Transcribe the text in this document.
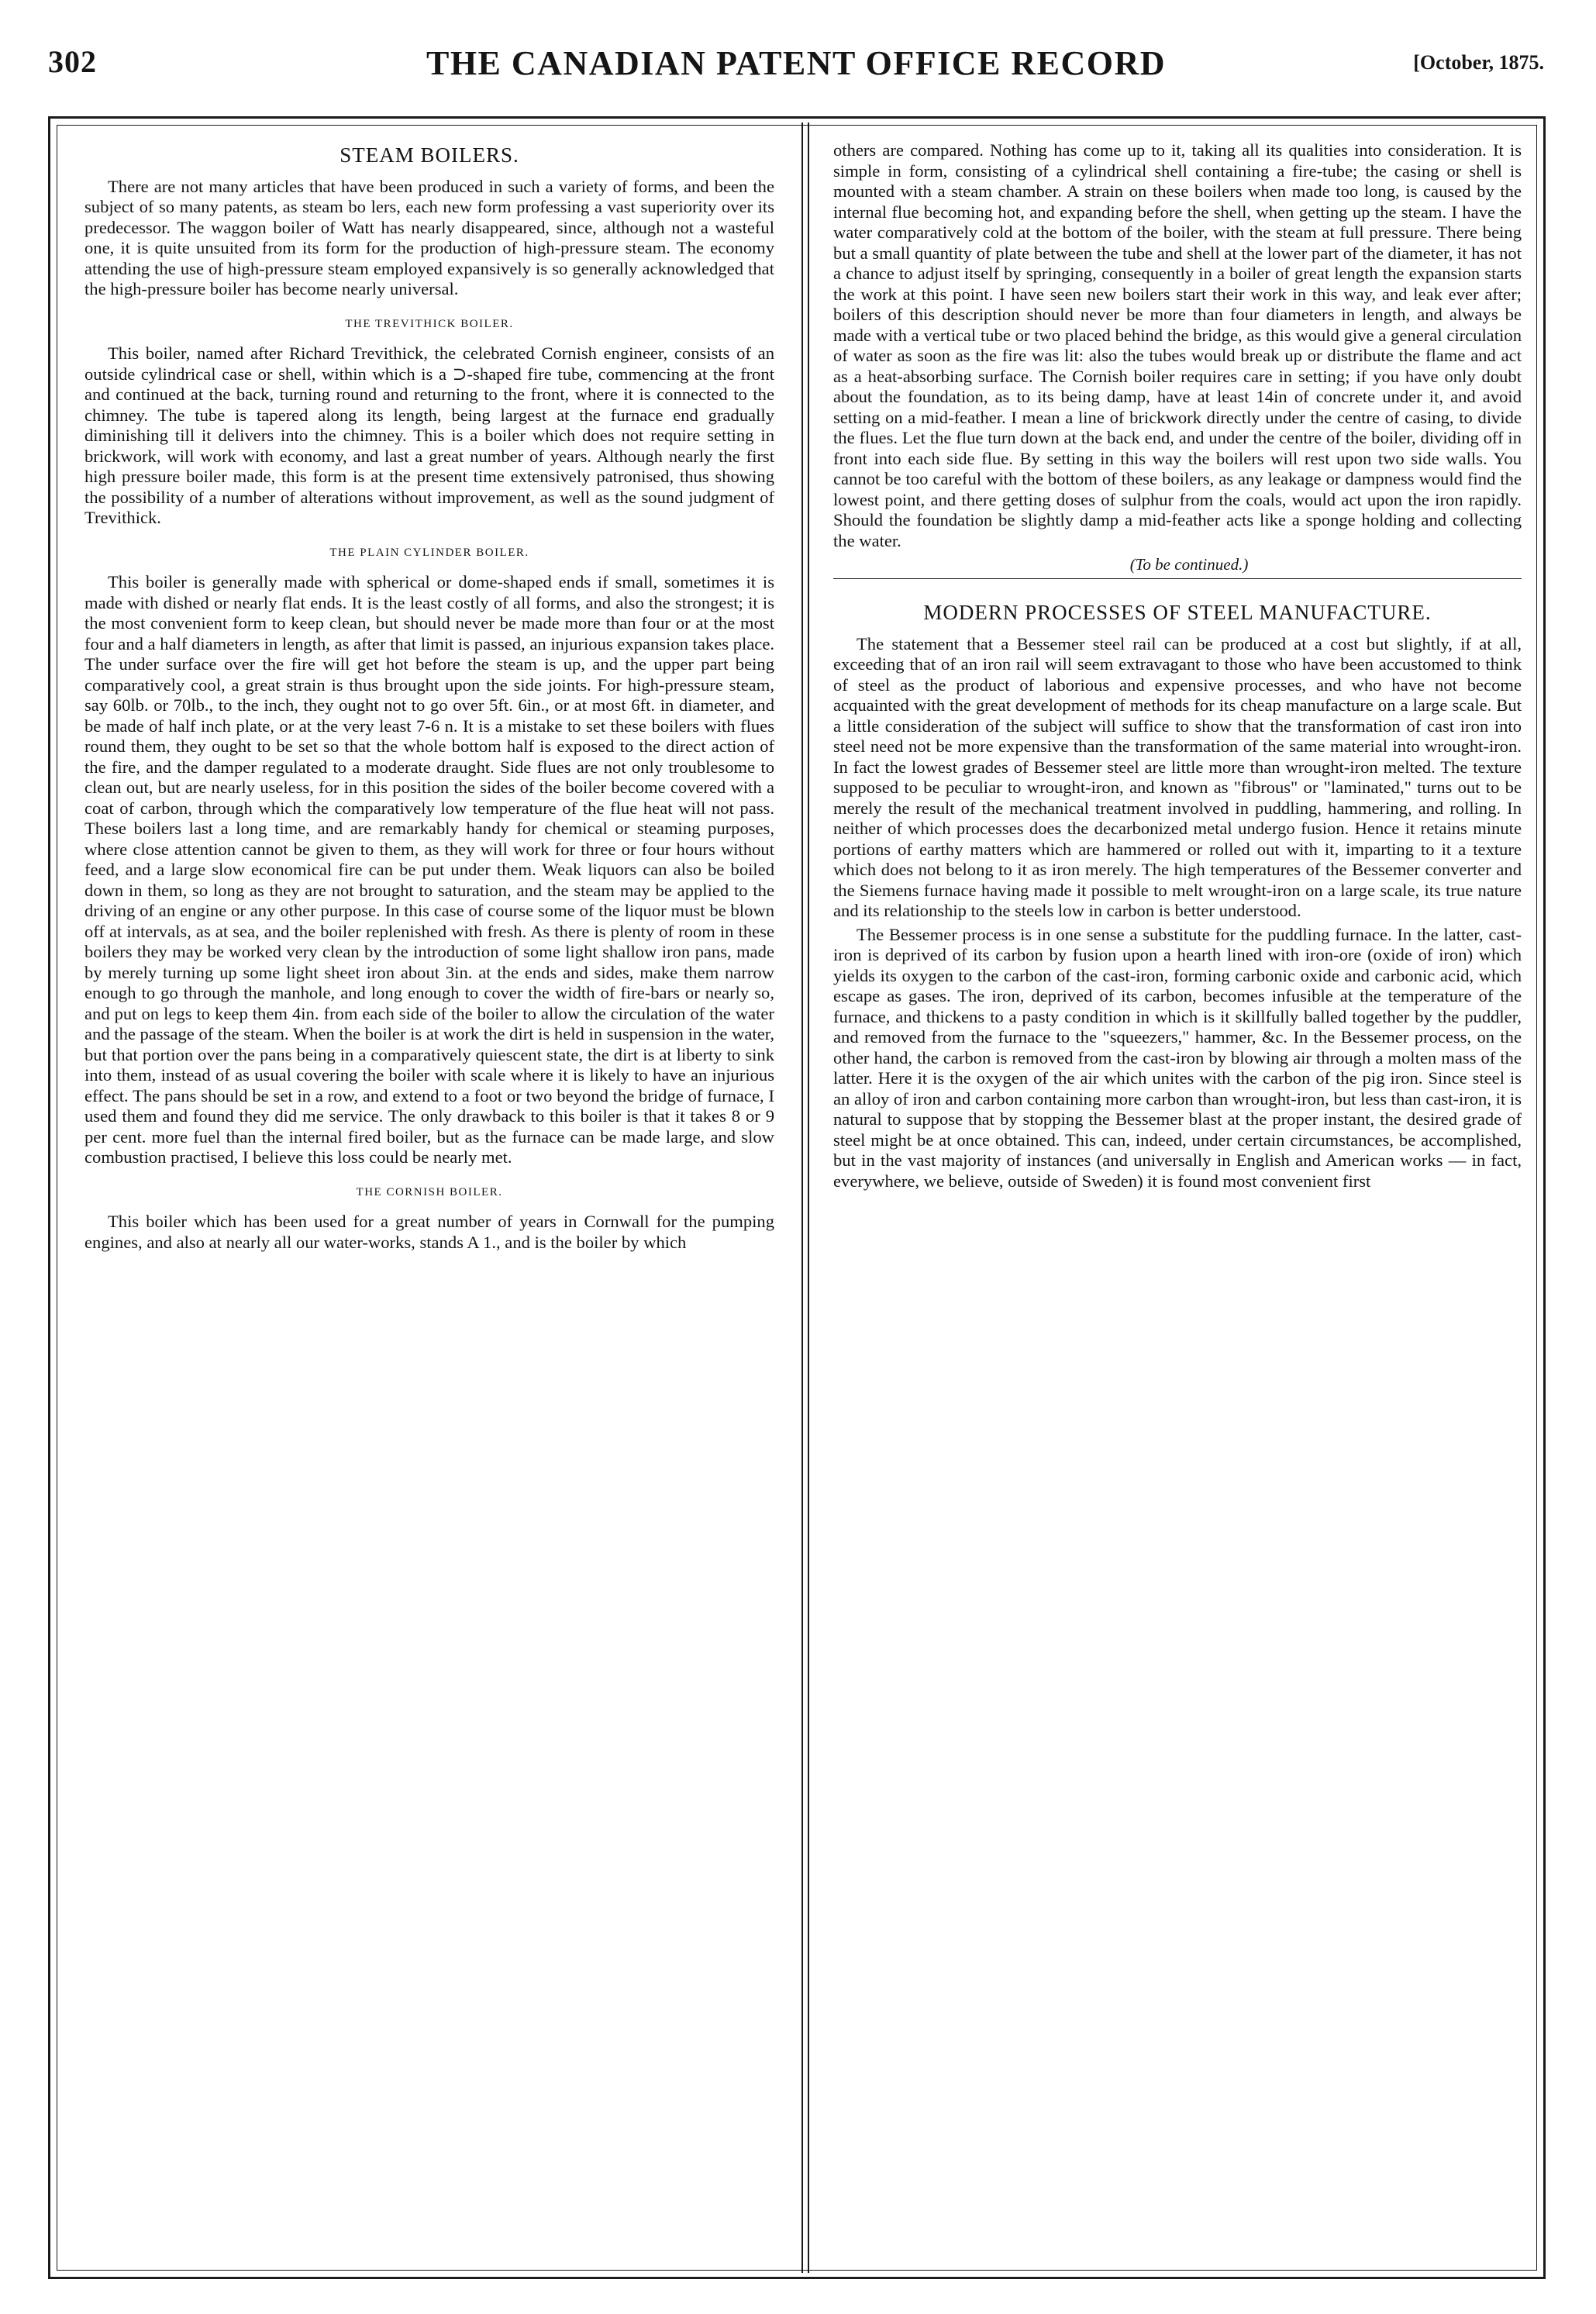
302	THE CANADIAN PATENT OFFICE RECORD	[October, 1875.
STEAM BOILERS.

There are not many articles that have been produced in such a variety of forms, and been the subject of so many patents, as steam bo lers, each new form professing a vast superiority over its predecessor. The waggon boiler of Watt has nearly disappeared, since, although not a wasteful one, it is quite unsuited from its form for the production of high-pressure steam. The economy attending the use of high-pressure steam employed expansively is so generally acknowledged that the high-pressure boiler has become nearly universal.

THE TREVITHICK BOILER.

This boiler, named after Richard Trevithick, the celebrated Cornish engineer, consists of an outside cylindrical case or shell, within which is a ⊃-shaped fire tube, commencing at the front and continued at the back, turning round and returning to the front, where it is connected to the chimney. The tube is tapered along its length, being largest at the furnace end gradually diminishing till it delivers into the chimney. This is a boiler which does not require setting in brickwork, will work with economy, and last a great number of years. Although nearly the first high pressure boiler made, this form is at the present time extensively patronised, thus showing the possibility of a number of alterations without improvement, as well as the sound judgment of Trevithick.

THE PLAIN CYLINDER BOILER.

This boiler is generally made with spherical or dome-shaped ends if small, sometimes it is made with dished or nearly flat ends. It is the least costly of all forms, and also the strongest; it is the most convenient form to keep clean, but should never be made more than four or at the most four and a half diameters in length, as after that limit is passed, an injurious expansion takes place. The under surface over the fire will get hot before the steam is up, and the upper part being comparatively cool, a great strain is thus brought upon the side joints. For high-pressure steam, say 60lb. or 70lb., to the inch, they ought not to go over 5ft. 6in., or at most 6ft. in diameter, and be made of half inch plate, or at the very least 7-6 n. It is a mistake to set these boilers with flues round them, they ought to be set so that the whole bottom half is exposed to the direct action of the fire, and the damper regulated to a moderate draught. Side flues are not only troublesome to clean out, but are nearly useless, for in this position the sides of the boiler become covered with a coat of carbon, through which the comparatively low temperature of the flue heat will not pass. These boilers last a long time, and are remarkably handy for chemical or steaming purposes, where close attention cannot be given to them, as they will work for three or four hours without feed, and a large slow economical fire can be put under them. Weak liquors can also be boiled down in them, so long as they are not brought to saturation, and the steam may be applied to the driving of an engine or any other purpose. In this case of course some of the liquor must be blown off at intervals, as at sea, and the boiler replenished with fresh. As there is plenty of room in these boilers they may be worked very clean by the introduction of some light shallow iron pans, made by merely turning up some light sheet iron about 3in. at the ends and sides, make them narrow enough to go through the manhole, and long enough to cover the width of fire-bars or nearly so, and put on legs to keep them 4in. from each side of the boiler to allow the circulation of the water and the passage of the steam. When the boiler is at work the dirt is held in suspension in the water, but that portion over the pans being in a comparatively quiescent state, the dirt is at liberty to sink into them, instead of as usual covering the boiler with scale where it is likely to have an injurious effect. The pans should be set in a row, and extend to a foot or two beyond the bridge of furnace, I used them and found they did me service. The only drawback to this boiler is that it takes 8 or 9 per cent. more fuel than the internal fired boiler, but as the furnace can be made large, and slow combustion practised, I believe this loss could be nearly met.

THE CORNISH BOILER.

This boiler which has been used for a great number of years in Cornwall for the pumping engines, and also at nearly all our water-works, stands A 1., and is the boiler by which

others are compared. Nothing has come up to it, taking all its qualities into consideration. It is simple in form, consisting of a cylindrical shell containing a fire-tube; the casing or shell is mounted with a steam chamber. A strain on these boilers when made too long, is caused by the internal flue becoming hot, and expanding before the shell, when getting up the steam. I have the water comparatively cold at the bottom of the boiler, with the steam at full pressure. There being but a small quantity of plate between the tube and shell at the lower part of the diameter, it has not a chance to adjust itself by springing, consequently in a boiler of great length the expansion starts the work at this point. I have seen new boilers start their work in this way, and leak ever after; boilers of this description should never be more than four diameters in length, and always be made with a vertical tube or two placed behind the bridge, as this would give a general circulation of water as soon as the fire was lit: also the tubes would break up or distribute the flame and act as a heat-absorbing surface. The Cornish boiler requires care in setting; if you have only doubt about the foundation, as to its being damp, have at least 14in of concrete under it, and avoid setting on a mid-feather. I mean a line of brickwork directly under the centre of casing, to divide the flues. Let the flue turn down at the back end, and under the centre of the boiler, dividing off in front into each side flue. By setting in this way the boilers will rest upon two side walls. You cannot be too careful with the bottom of these boilers, as any leakage or dampness would find the lowest point, and there getting doses of sulphur from the coals, would act upon the iron rapidly. Should the foundation be slightly damp a mid-feather acts like a sponge holding and collecting the water.

(To be continued.)

MODERN PROCESSES OF STEEL MANUFACTURE.

The statement that a Bessemer steel rail can be produced at a cost but slightly, if at all, exceeding that of an iron rail will seem extravagant to those who have been accustomed to think of steel as the product of laborious and expensive processes, and who have not become acquainted with the great development of methods for its cheap manufacture on a large scale. But a little consideration of the subject will suffice to show that the transformation of cast iron into steel need not be more expensive than the transformation of the same material into wrought-iron. In fact the lowest grades of Bessemer steel are little more than wrought-iron melted. The texture supposed to be peculiar to wrought-iron, and known as "fibrous" or "laminated," turns out to be merely the result of the mechanical treatment involved in puddling, hammering, and rolling. In neither of which processes does the decarbonized metal undergo fusion. Hence it retains minute portions of earthy matters which are hammered or rolled out with it, imparting to it a texture which does not belong to it as iron merely. The high temperatures of the Bessemer converter and the Siemens furnace having made it possible to melt wrought-iron on a large scale, its true nature and its relationship to the steels low in carbon is better understood.

The Bessemer process is in one sense a substitute for the puddling furnace. In the latter, cast-iron is deprived of its carbon by fusion upon a hearth lined with iron-ore (oxide of iron) which yields its oxygen to the carbon of the cast-iron, forming carbonic oxide and carbonic acid, which escape as gases. The iron, deprived of its carbon, becomes infusible at the temperature of the furnace, and thickens to a pasty condition in which is it skillfully balled together by the puddler, and removed from the furnace to the "squeezers," hammer, &c. In the Bessemer process, on the other hand, the carbon is removed from the cast-iron by blowing air through a molten mass of the latter. Here it is the oxygen of the air which unites with the carbon of the pig iron. Since steel is an alloy of iron and carbon containing more carbon than wrought-iron, but less than cast-iron, it is natural to suppose that by stopping the Bessemer blast at the proper instant, the desired grade of steel might be at once obtained. This can, indeed, under certain circumstances, be accomplished, but in the vast majority of instances (and universally in English and American works — in fact, everywhere, we believe, outside of Sweden) it is found most convenient first
